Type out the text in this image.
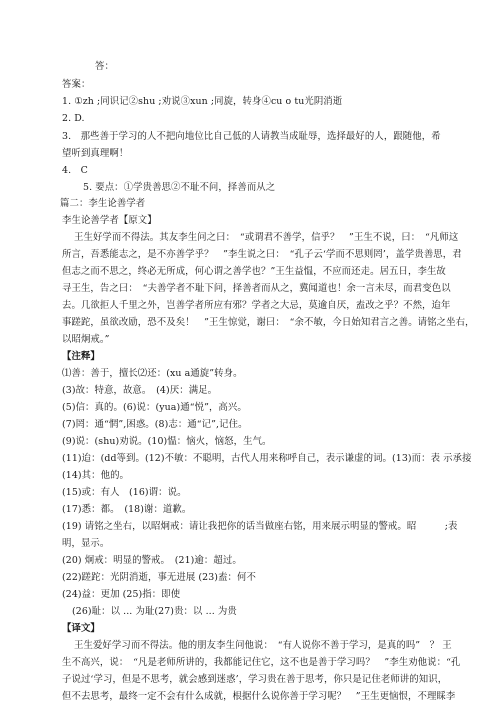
答：
答案：
1. ①zh ;同识记②shu ;劝说③xun ;同旋，转身④cu o tu光阴消逝
2. D.
3.　那些善于学习的人不把向地位比自己低的人请教当成耻辱，选择最好的人，跟随他，希
望听到真理啊！
4.　C
5. 要点：①学贵善思②不耻不问，择善而从之
篇二：李生论善学者
李生论善学者【原文】
王生好学而不得法。其友李生问之曰：　“或谓君不善学，信乎？　”王生不说，曰：　“凡师这
所言，吾悉能志之，是不亦善学乎？　”李生说之曰：　“孔子云‘学而不思则罔’，盖学贵善思，君
但志之而不思之，终必无所成，何心谓之善学也？”王生益愠，不应而还走。居五日，李生故
寻王生，告之曰：　“夫善学者不耻下问，择善者而从之，冀闻道也！余一言未尽，而君变色以
去。几欲拒人千里之外，岂善学者所应有邪？学者之大忌，莫逾自厌，盍改之乎？不然，迨年
事蹉跎，虽欲改励，恐不及矣！　”王生惊觉，谢曰：　“余不敏，今日始知君言之善。请铭之坐右，
以昭炯戒。”
【注释】
⑴善：善于，擅长⑵还：(xu a通旋”转身。
(3)故：特意，故意。　(4)厌：满足。
(5)信：真的。(6)说：(yua)通“悦”，高兴。
(7)罔：通“惘”,困惑。(8)志：通“记”,记住。
(9)说：(shu)劝说。(10)愠：恼火，恼怒，生气。
(11)迨：(dd等到。(12)不敏：不聪明，古代人用来称呼自己，表示谦虚的词。(13)而：表 示承接
(14)其：他的。
(15)或：有人　(16)谓：说。
(17)悉：都。　(18)谢：道歉。
(19) 请铭之坐右，以昭炯戒：请让我把你的话当做座右铭，用来展示明显的警戒。昭　　　;表
明，显示。
(20) 炯戒：明显的警戒。　(21)逾：超过。
(22)蹉跎：光阴消逝，事无进展 (23)盍：何不
(24)益：更加 (25)指：即使
(26)耻：以 ... 为耻(27)贵：以 ... 为贵
【译文】
王生爱好学习而不得法。他的朋友李生问他说：　“有人说你不善于学习，是真的吗”　？ 王
生不高兴，说：　“凡是老师所讲的，我都能记住它，这不也是善于学习吗？　”李生劝他说：“孔
子说过‘学习，但是不思考，就会感到迷惑’，学习贵在善于思考，你只是记住老师讲的知识，
但不去思考，最终一定不会有什么成就，根据什么说你善于学习呢？　”王生更恼恨，不理睬李
